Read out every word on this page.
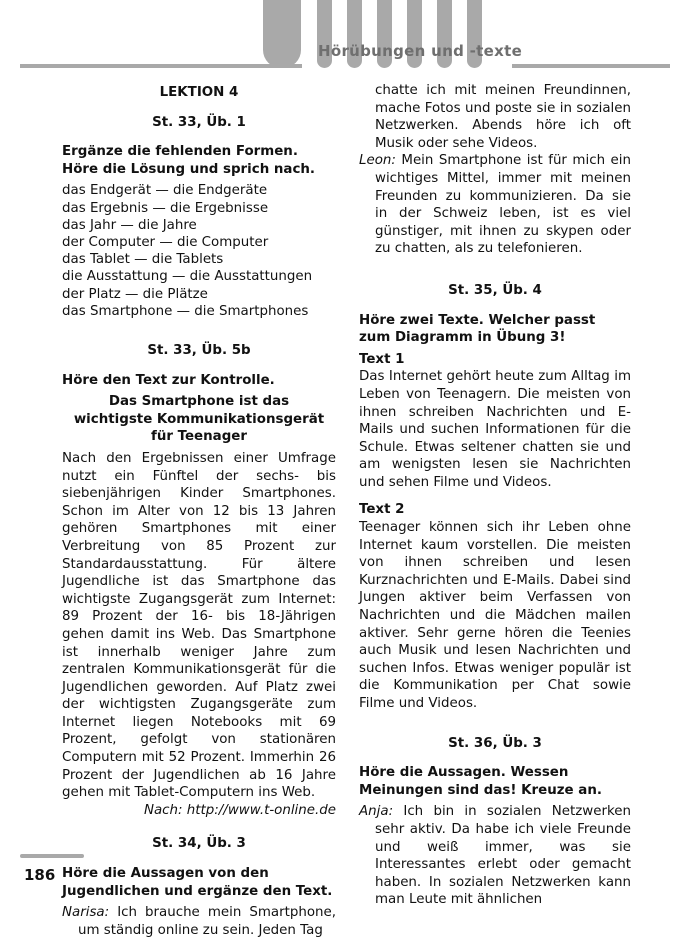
Hörübungen und -texte

LEKTION 4

St. 33, Üb. 1

Ergänze die fehlenden Formen. Höre die Lösung und sprich nach.

das Endgerät — die Endgeräte

das Ergebnis — die Ergebnisse

das Jahr — die Jahre

der Computer — die Computer

das Tablet — die Tablets

die Ausstattung — die Ausstattungen

der Platz — die Plätze

das Smartphone — die Smartphones

St. 33, Üb. 5b

Höre den Text zur Kontrolle.

Das Smartphone ist das wichtigste Kommunikationsgerät für Teenager

Nach den Ergebnissen einer Umfrage nutzt ein Fünftel der sechs- bis siebenjährigen Kinder Smartphones. Schon im Alter von 12 bis 13 Jahren gehören Smartphones mit einer Verbreitung von 85 Prozent zur Standardausstattung. Für ältere Jugendliche ist das Smartphone das wichtigste Zugangsgerät zum Internet: 89 Prozent der 16- bis 18-Jährigen gehen damit ins Web. Das Smartphone ist innerhalb weniger Jahre zum zentralen Kommunikationsgerät für die Jugendlichen geworden. Auf Platz zwei der wichtigsten Zugangsgeräte zum Internet liegen Notebooks mit 69 Prozent, gefolgt von stationären Computern mit 52 Prozent. Immerhin 26 Prozent der Jugendlichen ab 16 Jahre gehen mit Tablet-Computern ins Web.

Nach: http://www.t-online.de

St. 34, Üb. 3

Höre die Aussagen von den Jugendlichen und ergänze den Text.

Narisa: Ich brauche mein Smartphone, um ständig online zu sein. Jeden Tag

chatte ich mit meinen Freundinnen, mache Fotos und poste sie in sozialen Netzwerken. Abends höre ich oft Musik oder sehe Videos.

Leon: Mein Smartphone ist für mich ein wichtiges Mittel, immer mit meinen Freunden zu kommunizieren. Da sie in der Schweiz leben, ist es viel günstiger, mit ihnen zu skypen oder zu chatten, als zu telefonieren.

St. 35, Üb. 4

Höre zwei Texte. Welcher passt zum Diagramm in Übung 3!

Text 1

Das Internet gehört heute zum Alltag im Leben von Teenagern. Die meisten von ihnen schreiben Nachrichten und E-Mails und suchen Informationen für die Schule. Etwas seltener chatten sie und am wenigsten lesen sie Nachrichten und sehen Filme und Videos.

Text 2

Teenager können sich ihr Leben ohne Internet kaum vorstellen. Die meisten von ihnen schreiben und lesen Kurznachrichten und E-Mails. Dabei sind Jungen aktiver beim Verfassen von Nachrichten und die Mädchen mailen aktiver. Sehr gerne hören die Teenies auch Musik und lesen Nachrichten und suchen Infos. Etwas weniger populär ist die Kommunikation per Chat sowie Filme und Videos.

St. 36, Üb. 3

Höre die Aussagen. Wessen Meinungen sind das! Kreuze an.

Anja: Ich bin in sozialen Netzwerken sehr aktiv. Da habe ich viele Freunde und weiß immer, was sie Interessantes erlebt oder gemacht haben. In sozialen Netzwerken kann man Leute mit ähnlichen

186
